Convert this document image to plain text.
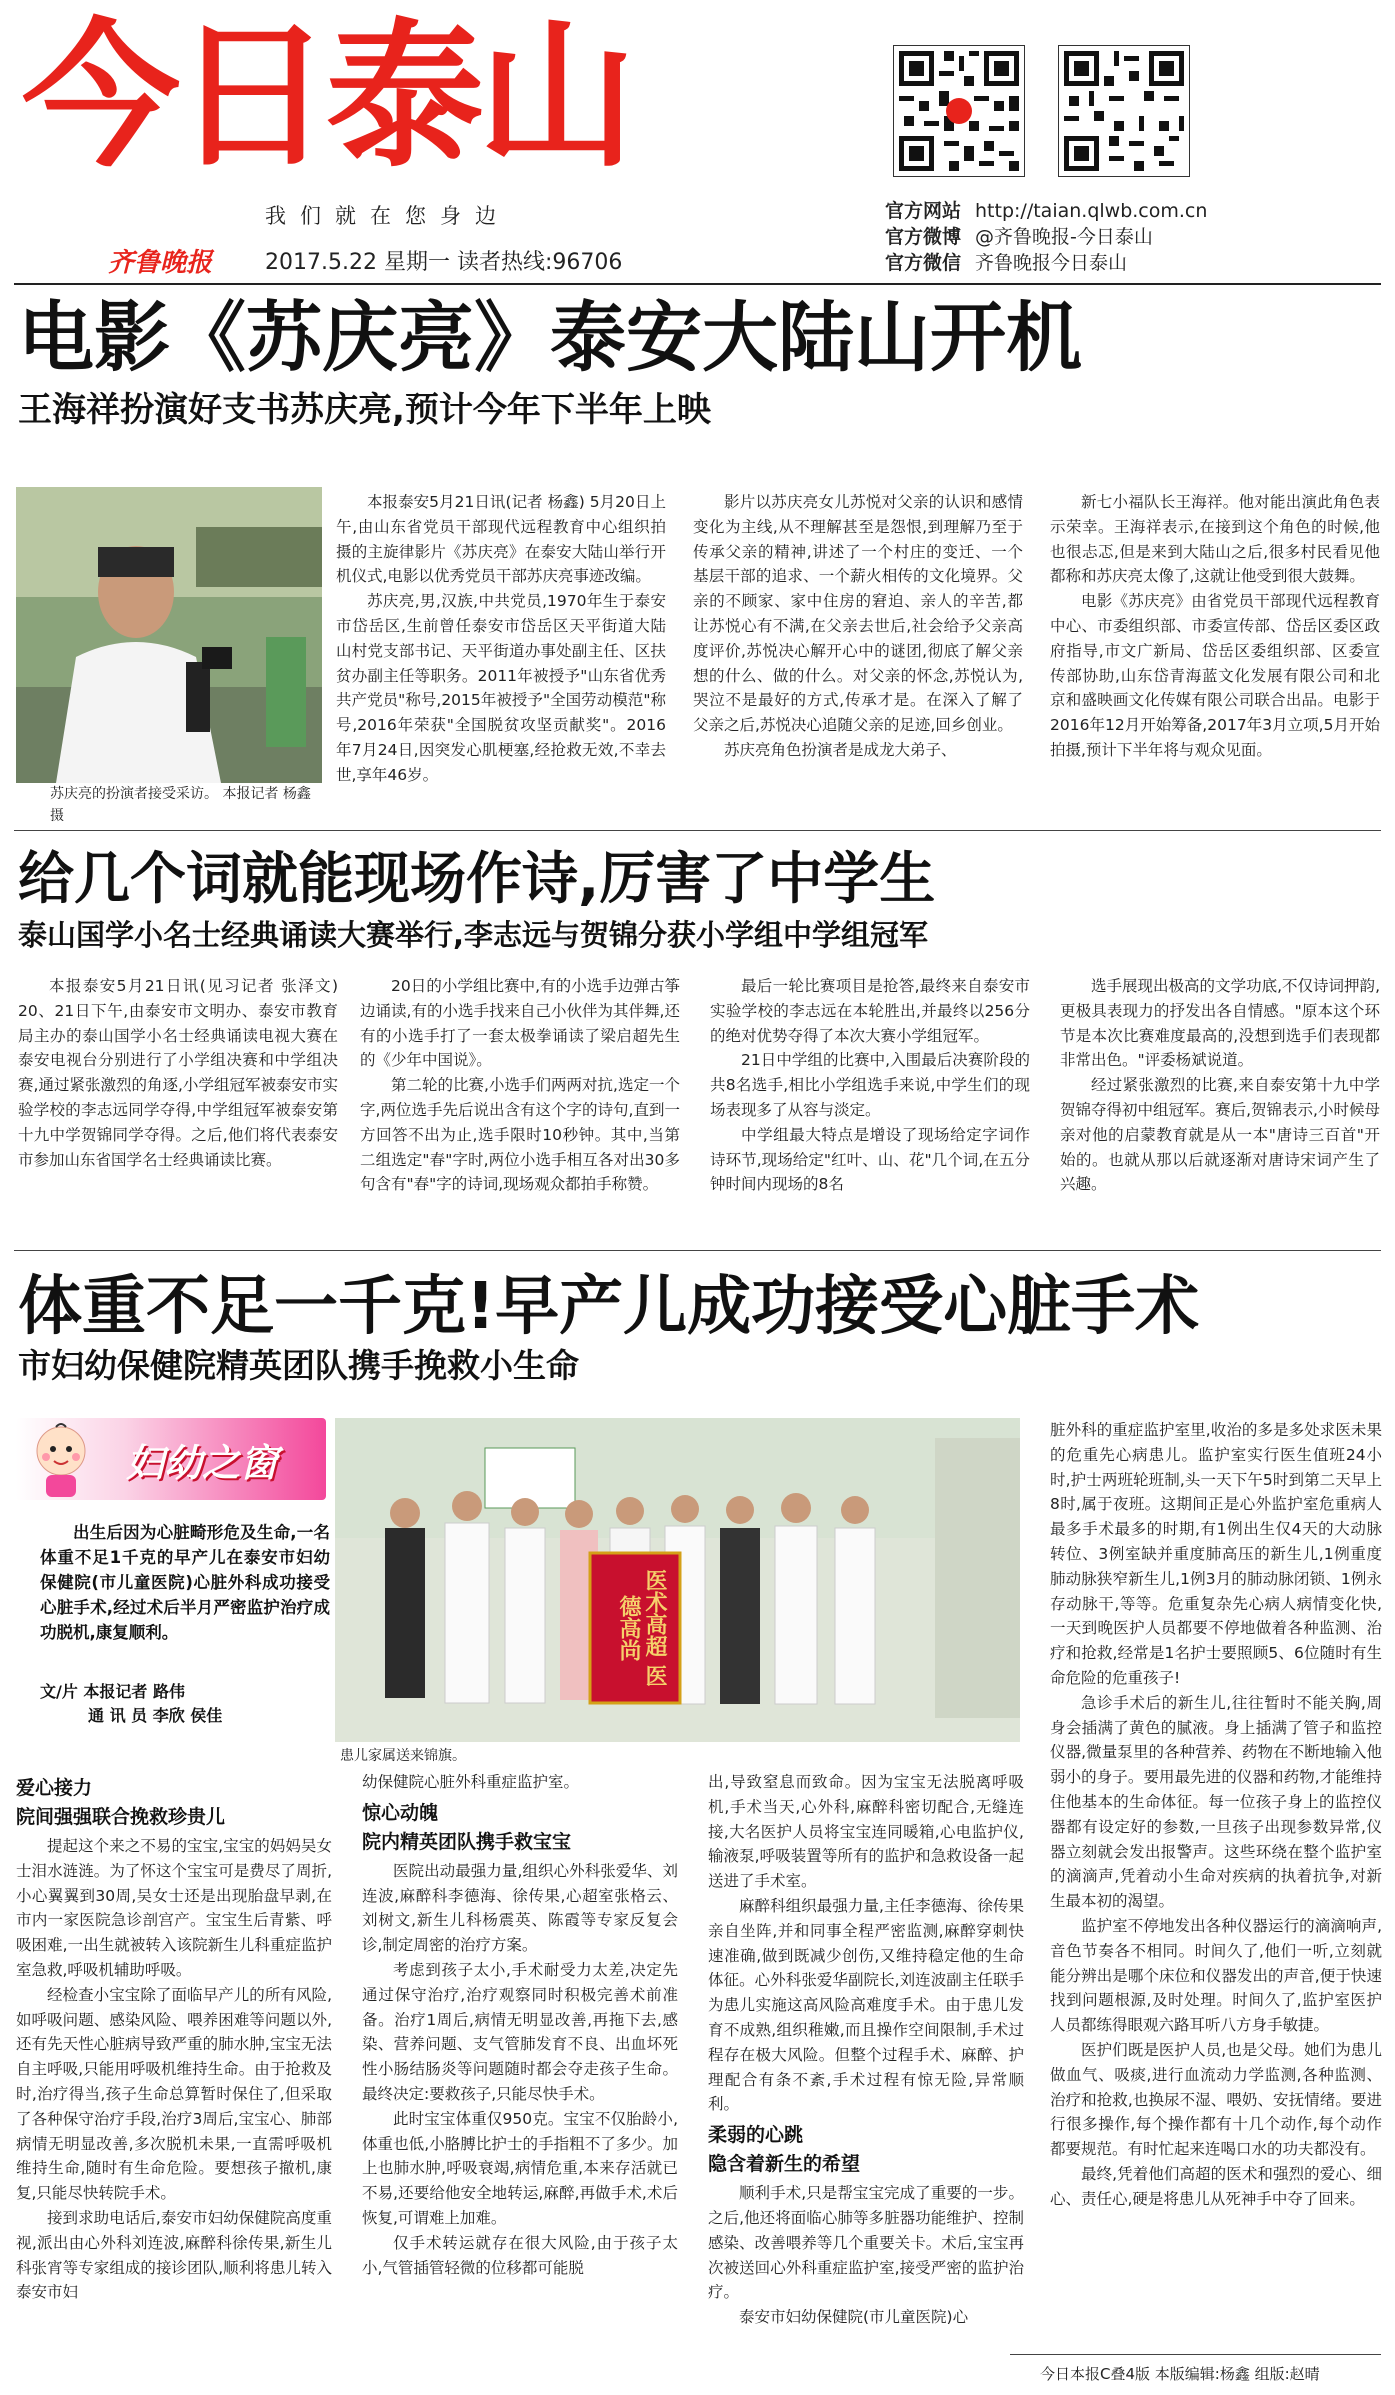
今日泰山
我们就在您身边
齐鲁晚报 2017.5.22 星期一 读者热线:96706
官方网站 http://taian.qlwb.com.cn
官方微博 @齐鲁晚报-今日泰山
官方微信 齐鲁晚报今日泰山
电影《苏庆亮》泰安大陆山开机
王海祥扮演好支书苏庆亮,预计今年下半年上映
苏庆亮的扮演者接受采访。 本报记者 杨鑫 摄

本报泰安5月21日讯(记者 杨鑫) 5月20日上午,由山东省党员干部现代远程教育中心组织拍摄的主旋律影片《苏庆亮》在泰安大陆山举行开机仪式,电影以优秀党员干部苏庆亮事迹改编。

苏庆亮,男,汉族,中共党员,1970年生于泰安市岱岳区,生前曾任泰安市岱岳区天平街道大陆山村党支部书记、天平街道办事处副主任、区扶贫办副主任等职务。2011年被授予"山东省优秀共产党员"称号,2015年被授予"全国劳动模范"称号,2016年荣获"全国脱贫攻坚贡献奖"。2016年7月24日,因突发心肌梗塞,经抢救无效,不幸去世,享年46岁。

影片以苏庆亮女儿苏悦对父亲的认识和感情变化为主线,从不理解甚至是怨恨,到理解乃至于传承父亲的精神,讲述了一个村庄的变迁、一个基层干部的追求、一个薪火相传的文化境界。父亲的不顾家、家中住房的窘迫、亲人的辛苦,都让苏悦心有不满,在父亲去世后,社会给予父亲高度评价,苏悦决心解开心中的谜团,彻底了解父亲想的什么、做的什么。对父亲的怀念,苏悦认为,哭泣不是最好的方式,传承才是。在深入了解了父亲之后,苏悦决心追随父亲的足迹,回乡创业。

苏庆亮角色扮演者是成龙大弟子、

新七小福队长王海祥。他对能出演此角色表示荣幸。王海祥表示,在接到这个角色的时候,他也很忐忑,但是来到大陆山之后,很多村民看见他都称和苏庆亮太像了,这就让他受到很大鼓舞。

电影《苏庆亮》由省党员干部现代远程教育中心、市委组织部、市委宣传部、岱岳区委区政府指导,市文广新局、岱岳区委组织部、区委宣传部协助,山东岱青海蓝文化发展有限公司和北京和盛映画文化传媒有限公司联合出品。电影于2016年12月开始筹备,2017年3月立项,5月开始拍摄,预计下半年将与观众见面。

给几个词就能现场作诗,厉害了中学生
泰山国学小名士经典诵读大赛举行,李志远与贺锦分获小学组中学组冠军

本报泰安5月21日讯(见习记者 张泽文) 20、21日下午,由泰安市文明办、泰安市教育局主办的泰山国学小名士经典诵读电视大赛在泰安电视台分别进行了小学组决赛和中学组决赛,通过紧张激烈的角逐,小学组冠军被泰安市实验学校的李志远同学夺得,中学组冠军被泰安第十九中学贺锦同学夺得。之后,他们将代表泰安市参加山东省国学名士经典诵读比赛。

20日的小学组比赛中,有的小选手边弹古筝边诵读,有的小选手找来自己小伙伴为其伴舞,还有的小选手打了一套太极拳诵读了梁启超先生的《少年中国说》。

第二轮的比赛,小选手们两两对抗,选定一个字,两位选手先后说出含有这个字的诗句,直到一方回答不出为止,选手限时10秒钟。其中,当第二组选定"春"字时,两位小选手相互各对出30多句含有"春"字的诗词,现场观众都拍手称赞。

最后一轮比赛项目是抢答,最终来自泰安市实验学校的李志远在本轮胜出,并最终以256分的绝对优势夺得了本次大赛小学组冠军。

21日中学组的比赛中,入围最后决赛阶段的共8名选手,相比小学组选手来说,中学生们的现场表现多了从容与淡定。

中学组最大特点是增设了现场给定字词作诗环节,现场给定"红叶、山、花"几个词,在五分钟时间内现场的8名

选手展现出极高的文学功底,不仅诗词押韵,更极具表现力的抒发出各自情感。"原本这个环节是本次比赛难度最高的,没想到选手们表现都非常出色。"评委杨斌说道。

经过紧张激烈的比赛,来自泰安第十九中学贺锦夺得初中组冠军。赛后,贺锦表示,小时候母亲对他的启蒙教育就是从一本"唐诗三百首"开始的。也就从那以后就逐渐对唐诗宋词产生了兴趣。

体重不足一千克!早产儿成功接受心脏手术
市妇幼保健院精英团队携手挽救小生命
妇幼之窗
出生后因为心脏畸形危及生命,一名体重不足1千克的早产儿在泰安市妇幼保健院(市儿童医院)心脏外科成功接受心脏手术,经过术后半月严密监护治疗成功脱机,康复顺利。
文/片 本报记者 路伟
通 讯 员 李欣 侯佳
医术高超 医德高尚
患儿家属送来锦旗。
爱心接力
院间强强联合挽救珍贵儿

提起这个来之不易的宝宝,宝宝的妈妈吴女士泪水涟涟。为了怀这个宝宝可是费尽了周折,小心翼翼到30周,吴女士还是出现胎盘早剥,在市内一家医院急诊剖宫产。宝宝生后青紫、呼吸困难,一出生就被转入该院新生儿科重症监护室急救,呼吸机辅助呼吸。

经检查小宝宝除了面临早产儿的所有风险,如呼吸问题、感染风险、喂养困难等问题以外,还有先天性心脏病导致严重的肺水肿,宝宝无法自主呼吸,只能用呼吸机维持生命。由于抢救及时,治疗得当,孩子生命总算暂时保住了,但采取了各种保守治疗手段,治疗3周后,宝宝心、肺部病情无明显改善,多次脱机未果,一直需呼吸机维持生命,随时有生命危险。要想孩子撤机,康复,只能尽快转院手术。

接到求助电话后,泰安市妇幼保健院高度重视,派出由心外科刘连波,麻醉科徐传果,新生儿科张宵等专家组成的接诊团队,顺利将患儿转入泰安市妇

幼保健院心脏外科重症监护室。

惊心动魄
院内精英团队携手救宝宝

医院出动最强力量,组织心外科张爱华、刘连波,麻醉科李德海、徐传果,心超室张格云、刘树文,新生儿科杨震英、陈霞等专家反复会诊,制定周密的治疗方案。

考虑到孩子太小,手术耐受力太差,决定先通过保守治疗,治疗观察同时积极完善术前准备。治疗1周后,病情无明显改善,再拖下去,感染、营养问题、支气管肺发育不良、出血坏死性小肠结肠炎等问题随时都会夺走孩子生命。最终决定:要救孩子,只能尽快手术。

此时宝宝体重仅950克。宝宝不仅胎龄小,体重也低,小胳膊比护士的手指粗不了多少。加上也肺水肿,呼吸衰竭,病情危重,本来存活就已不易,还要给他安全地转运,麻醉,再做手术,术后恢复,可谓难上加难。

仅手术转运就存在很大风险,由于孩子太小,气管插管轻微的位移都可能脱

出,导致窒息而致命。因为宝宝无法脱离呼吸机,手术当天,心外科,麻醉科密切配合,无缝连接,大名医护人员将宝宝连同暖箱,心电监护仪,输液泵,呼吸装置等所有的监护和急救设备一起送进了手术室。

麻醉科组织最强力量,主任李德海、徐传果亲自坐阵,并和同事全程严密监测,麻醉穿刺快速准确,做到既减少创伤,又维持稳定他的生命体征。心外科张爱华副院长,刘连波副主任联手为患儿实施这高风险高难度手术。由于患儿发育不成熟,组织稚嫩,而且操作空间限制,手术过程存在极大风险。但整个过程手术、麻醉、护理配合有条不紊,手术过程有惊无险,异常顺利。

柔弱的心跳
隐含着新生的希望

顺利手术,只是帮宝宝完成了重要的一步。之后,他还将面临心肺等多脏器功能维护、控制感染、改善喂养等几个重要关卡。术后,宝宝再次被送回心外科重症监护室,接受严密的监护治疗。

泰安市妇幼保健院(市儿童医院)心

脏外科的重症监护室里,收治的多是多处求医未果的危重先心病患儿。监护室实行医生值班24小时,护士两班轮班制,头一天下午5时到第二天早上8时,属于夜班。这期间正是心外监护室危重病人最多手术最多的时期,有1例出生仅4天的大动脉转位、3例室缺并重度肺高压的新生儿,1例重度肺动脉狭窄新生儿,1例3月的肺动脉闭锁、1例永存动脉干,等等。危重复杂先心病人病情变化快,一天到晚医护人员都要不停地做着各种监测、治疗和抢救,经常是1名护士要照顾5、6位随时有生命危险的危重孩子!

急诊手术后的新生儿,往往暂时不能关胸,周身会插满了黄色的腻液。身上插满了管子和监控仪器,微量泵里的各种营养、药物在不断地输入他弱小的身子。要用最先进的仪器和药物,才能维持住他基本的生命体征。每一位孩子身上的监控仪器都有设定好的参数,一旦孩子出现参数异常,仪器立刻就会发出报警声。这些环绕在整个监护室的滴滴声,凭着动小生命对疾病的执着抗争,对新生最本初的渴望。

监护室不停地发出各种仪器运行的滴滴响声,音色节奏各不相同。时间久了,他们一听,立刻就能分辨出是哪个床位和仪器发出的声音,便于快速找到问题根源,及时处理。时间久了,监护室医护人员都练得眼观六路耳听八方身手敏捷。

医护们既是医护人员,也是父母。她们为患儿做血气、吸痰,进行血流动力学监测,各种监测、治疗和抢救,也换尿不湿、喂奶、安抚情绪。要进行很多操作,每个操作都有十几个动作,每个动作都要规范。有时忙起来连喝口水的功夫都没有。

最终,凭着他们高超的医术和强烈的爱心、细心、责任心,硬是将患儿从死神手中夺了回来。

今日本报C叠4版 本版编辑:杨鑫 组版:赵晴
